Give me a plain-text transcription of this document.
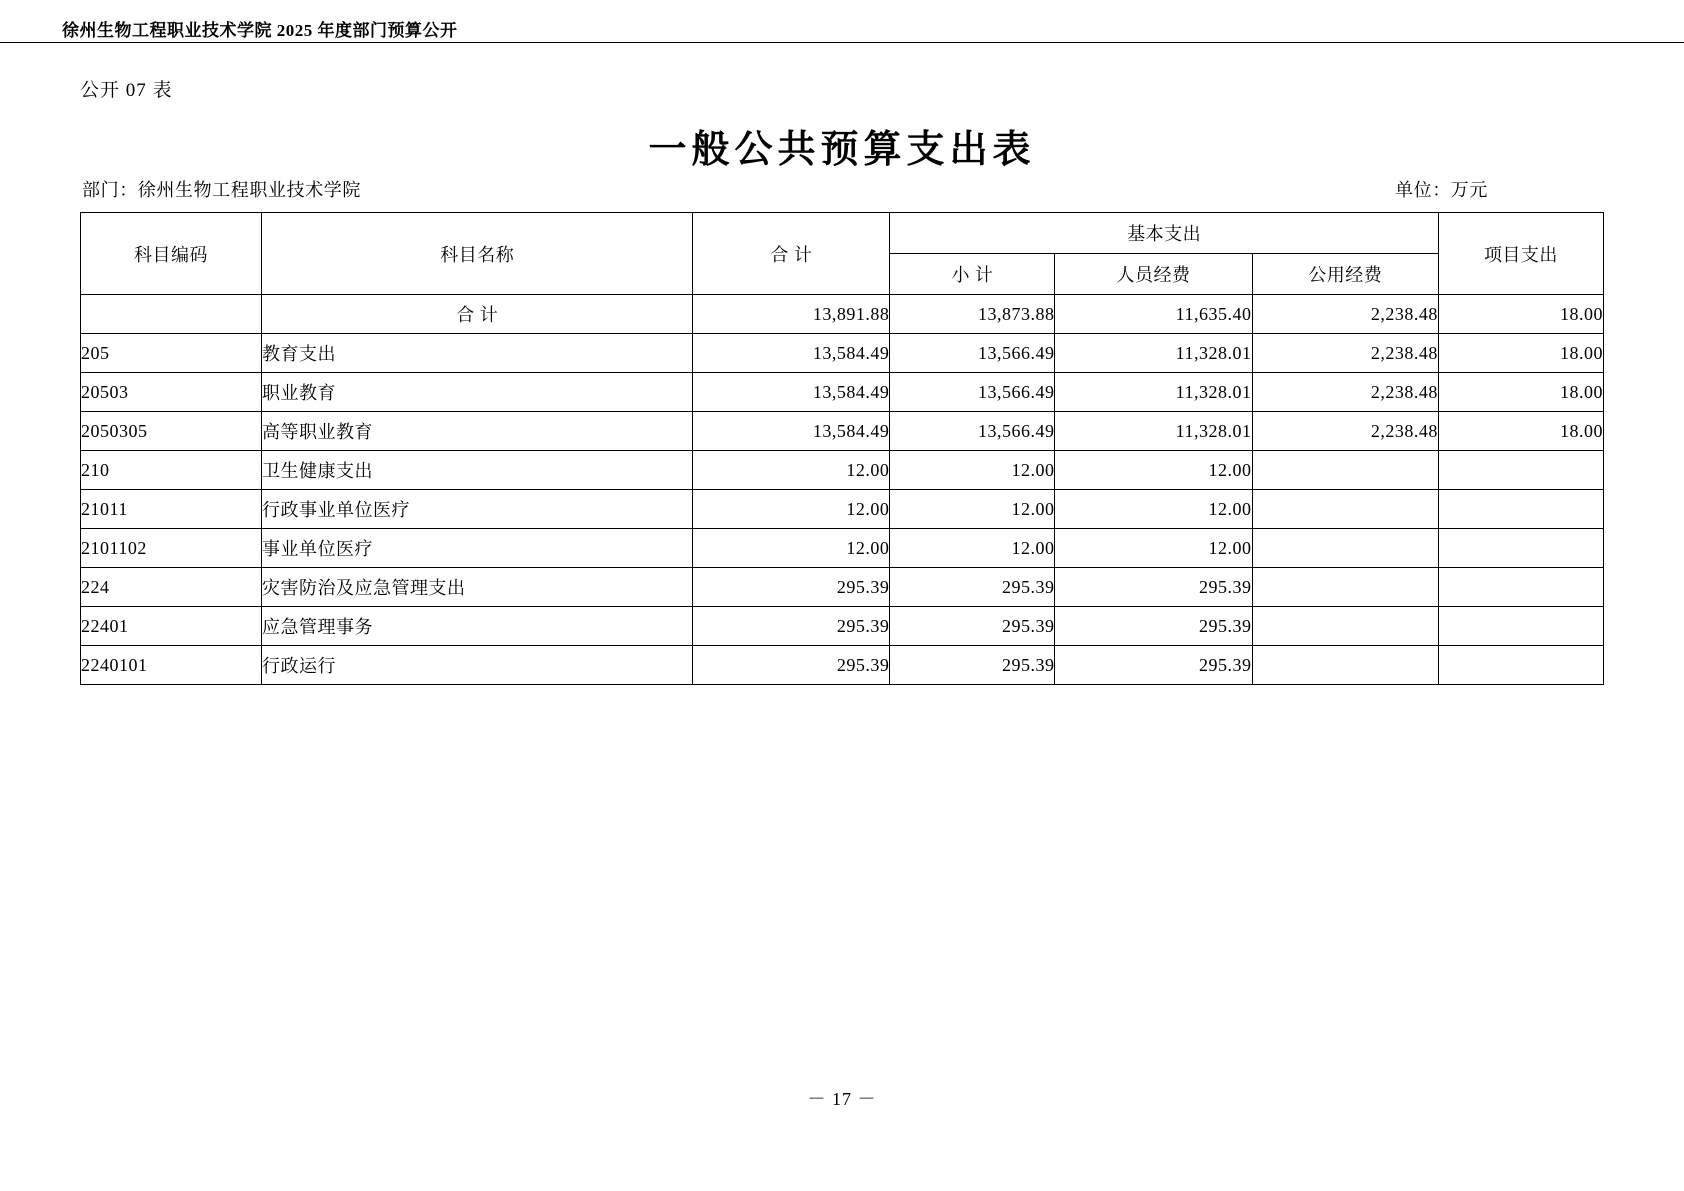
徐州生物工程职业技术学院 2025 年度部门预算公开
公开 07 表
一般公共预算支出表
部门：徐州生物工程职业技术学院	单位：万元
科目编码	科目名称	合 计	基本支出			项目支出
			小 计	人员经费	公用经费	
	合 计	13,891.88	13,873.88	11,635.40	2,238.48	18.00
205	教育支出	13,584.49	13,566.49	11,328.01	2,238.48	18.00
20503	职业教育	13,584.49	13,566.49	11,328.01	2,238.48	18.00
2050305	高等职业教育	13,584.49	13,566.49	11,328.01	2,238.48	18.00
210	卫生健康支出	12.00	12.00	12.00		
21011	行政事业单位医疗	12.00	12.00	12.00		
2101102	事业单位医疗	12.00	12.00	12.00		
224	灾害防治及应急管理支出	295.39	295.39	295.39		
22401	应急管理事务	295.39	295.39	295.39		
2240101	行政运行	295.39	295.39	295.39		
－ 17 －
